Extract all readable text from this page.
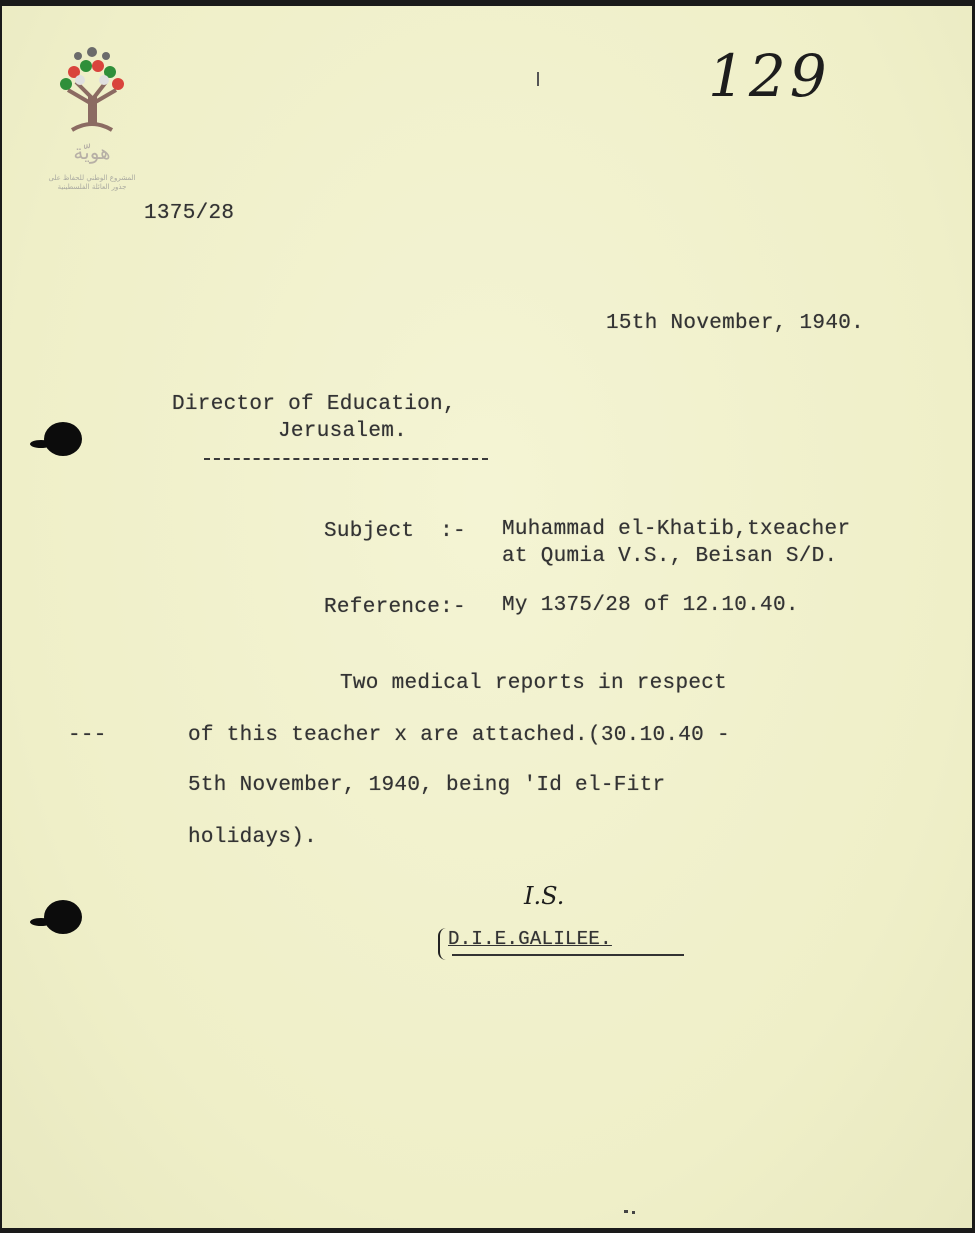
هويّة
المشروع الوطني للحفاظ على
جذور العائلة الفلسطينية
129
1375/28
15th November, 1940.
Director of Education,
Jerusalem.
Subject  :- Muhammad el-Khatib,txeacher
at Qumia V.S., Beisan S/D.
Reference:- My 1375/28 of 12.10.40.
Two medical reports in respect
---	of this teacher x are attached.(30.10.40 -
5th November, 1940, being 'Id el-Fitr
holidays).
I.S.
D.I.E.GALILEE.
